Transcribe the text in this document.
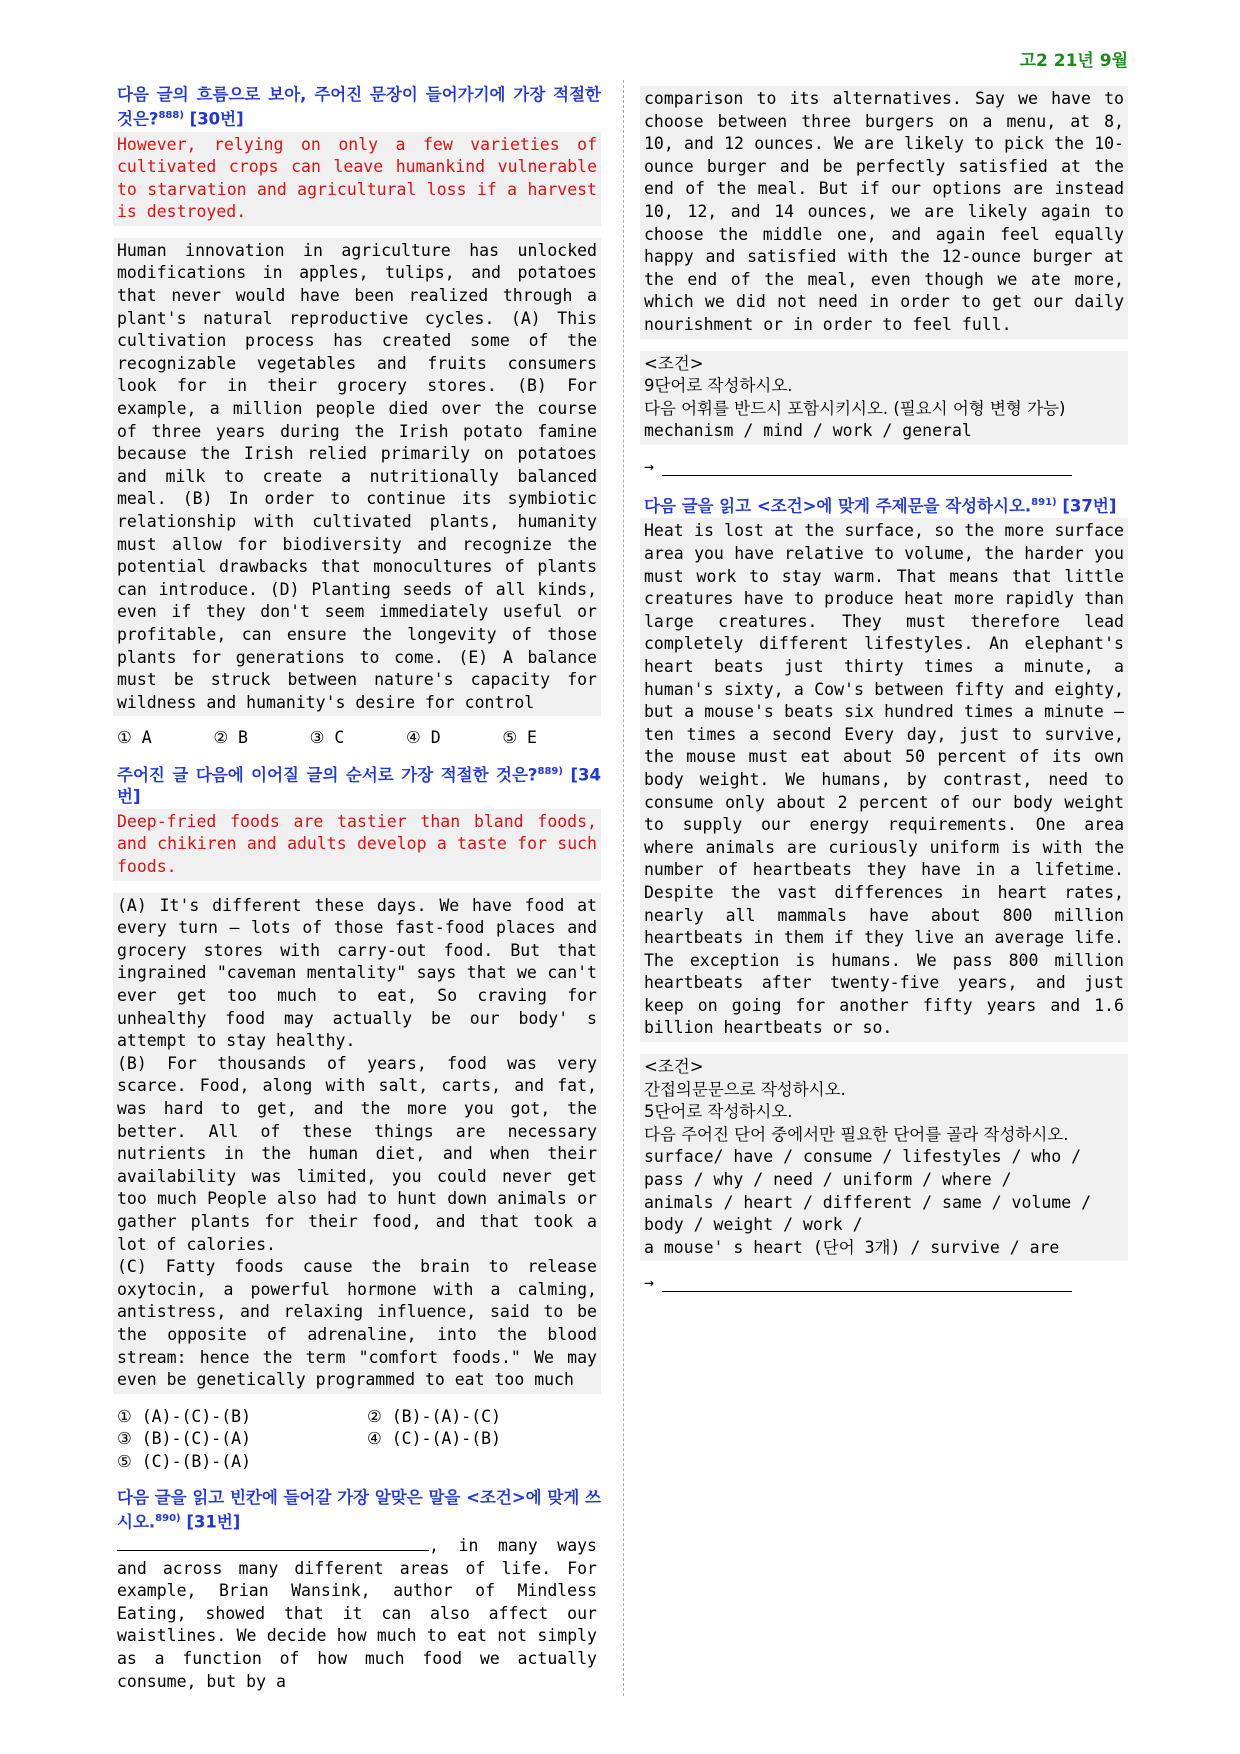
고2 21년 9월
다음 글의 흐름으로 보아, 주어진 문장이 들어가기에 가장 적절한 것은?$^{888)}$ [30번]
However, relying on only a few varieties of cultivated crops can leave humankind vulnerable to starvation and agricultural loss if a harvest is destroyed.
Human innovation in agriculture has unlocked modifications in apples, tulips, and potatoes that never would have been realized through a plant's natural reproductive cycles. (A) This cultivation process has created some of the recognizable vegetables and fruits consumers look for in their grocery stores. (B) For example, a million people died over the course of three years during the Irish potato famine because the Irish relied primarily on potatoes and milk to create a nutritionally balanced meal. (B) In order to continue its symbiotic relationship with cultivated plants, humanity must allow for biodiversity and recognize the potential drawbacks that monocultures of plants can introduce. (D) Planting seeds of all kinds, even if they don't seem immediately useful or profitable, can ensure the longevity of those plants for generations to come. (E) A balance must be struck between nature's capacity for wildness and humanity's desire for control
① A	② B	③ C	④ D	⑤ E
주어진 글 다음에 이어질 글의 순서로 가장 적절한 것은?$^{889)}$ [34번]
Deep-fried foods are tastier than bland foods, and chikiren and adults develop a taste for such foods.

(A) It's different these days. We have food at every turn — lots of those fast-food places and grocery stores with carry-out food. But that ingrained "caveman mentality" says that we can't ever get too much to eat, So craving for unhealthy food may actually be our body' s attempt to stay healthy.

(B) For thousands of years, food was very scarce. Food, along with salt, carts, and fat, was hard to get, and the more you got, the better. All of these things are necessary nutrients in the human diet, and when their availability was limited, you could never get too much People also had to hunt down animals or gather plants for their food, and that took a lot of calories.

(C) Fatty foods cause the brain to release oxytocin, a powerful hormone with a calming, antistress, and relaxing influence, said to be the opposite of adrenaline, into the blood stream: hence the term "comfort foods." We may even be genetically programmed to eat too much

① (A)-(C)-(B)	② (B)-(A)-(C)
③ (B)-(C)-(A)	④ (C)-(A)-(B)
⑤ (C)-(B)-(A)
다음 글을 읽고 빈칸에 들어갈 가장 알맞은 말을 <조건>에 맞게 쓰시오.$^{890)}$ [31번]
, in many ways and across many different areas of life. For example, Brian Wansink, author of Mindless Eating, showed that it can also affect our waistlines. We decide how much to eat not simply as a function of how much food we actually consume, but by a
comparison to its alternatives. Say we have to choose between three burgers on a menu, at 8, 10, and 12 ounces. We are likely to pick the 10-ounce burger and be perfectly satisfied at the end of the meal. But if our options are instead 10, 12, and 14 ounces, we are likely again to choose the middle one, and again feel equally happy and satisfied with the 12-ounce burger at the end of the meal, even though we ate more, which we did not need in order to get our daily nourishment or in order to feel full.

<조건>

9단어로 작성하시오.

다음 어휘를 반드시 포함시키시오. (필요시 어형 변형 가능)

mechanism / mind / work / general

→
다음 글을 읽고 <조건>에 맞게 주제문을 작성하시오.$^{891)}$ [37번]
Heat is lost at the surface, so the more surface area you have relative to volume, the harder you must work to stay warm. That means that little creatures have to produce heat more rapidly than large creatures. They must therefore lead completely different lifestyles. An elephant's heart beats just thirty times a minute, a human's sixty, a Cow's between fifty and eighty, but a mouse's beats six hundred times a minute — ten times a second Every day, just to survive, the mouse must eat about 50 percent of its own body weight. We humans, by contrast, need to consume only about 2 percent of our body weight to supply our energy requirements. One area where animals are curiously uniform is with the number of heartbeats they have in a lifetime. Despite the vast differences in heart rates, nearly all mammals have about 800 million heartbeats in them if they live an average life. The exception is humans. We pass 800 million heartbeats after twenty-five years, and just keep on going for another fifty years and 1.6 billion heartbeats or so.

<조건>

간접의문문으로 작성하시오.

5단어로 작성하시오.

다음 주어진 단어 중에서만 필요한 단어를 골라 작성하시오.

surface/ have / consume / lifestyles / who /

pass / why / need / uniform / where /

animals / heart / different / same / volume /

body / weight / work /

a mouse' s heart (단어 3개) / survive / are

→
